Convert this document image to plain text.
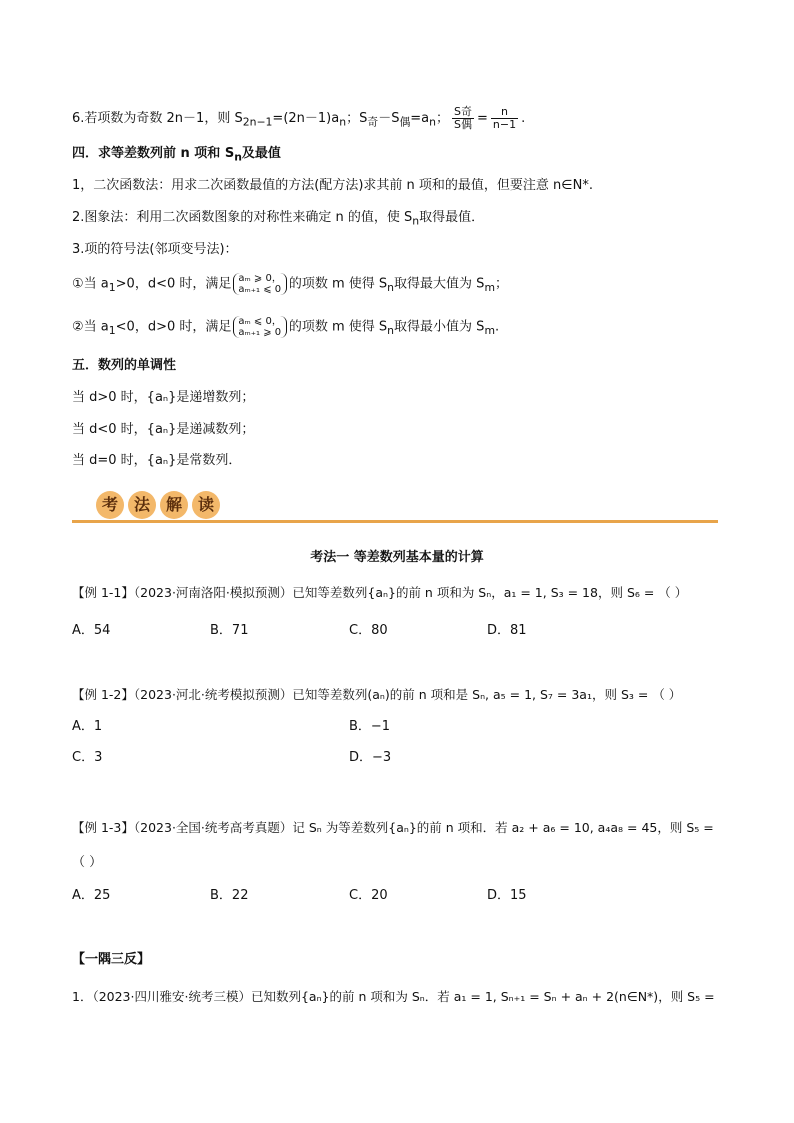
6.若项数为奇数 2n－1，则 $S_{2n-1}=(2n-1)a_n$；$S_奇-S_偶=a_n$； $\frac{\text{S奇}}{\text{S偶}} = \frac{n}{n-1}$ .
四．求等差数列前 n 项和 $S_n$及最值
1，二次函数法：用求二次函数最值的方法(配方法)求其前 n 项和的最值，但要注意 n∈N*.
2.图象法：利用二次函数图象的对称性来确定 n 的值，使 $S_n$取得最值．
3.项的符号法(邻项变号法)：
①当 $a_1>0$，d<0 时，满足 aₘ ⩾ 0，
aₘ₊₁ ⩽ 0 的项数 m 使得 $S_n$取得最大值为 $S_m$；
②当 $a_1<0$，d>0 时，满足 aₘ ⩽ 0，
aₘ₊₁ ⩾ 0 的项数 m 使得 $S_n$取得最小值为 $S_m$.
五．数列的单调性
当 d>0 时，{aₙ}是递增数列；
当 d<0 时，{aₙ}是递减数列；
当 d=0 时，{aₙ}是常数列．
考 法 解 读
考法一 等差数列基本量的计算
【例 1-1】（2023·河南洛阳·模拟预测）已知等差数列{aₙ}的前 n 项和为 Sₙ，a₁ = 1, S₃ = 18，则 S₆ = （ ）
A．54	B．71	C．80	D．81
【例 1-2】（2023·河北·统考模拟预测）已知等差数列(aₙ)的前 n 项和是 Sₙ, a₅ = 1, S₇ = 3a₁，则 S₃ = （ ）
A．1	B．−1
C．3	D．−3
【例 1-3】（2023·全国·统考高考真题）记 Sₙ 为等差数列{aₙ}的前 n 项和．若 a₂ + a₆ = 10, a₄a₈ = 45，则 S₅ =
（ ）
A．25	B．22	C．20	D．15
【一隅三反】
1．（2023·四川雅安·统考三模）已知数列{aₙ}的前 n 项和为 Sₙ．若 a₁ = 1, Sₙ₊₁ = Sₙ + aₙ + 2(n∈N*)，则 S₅ =
